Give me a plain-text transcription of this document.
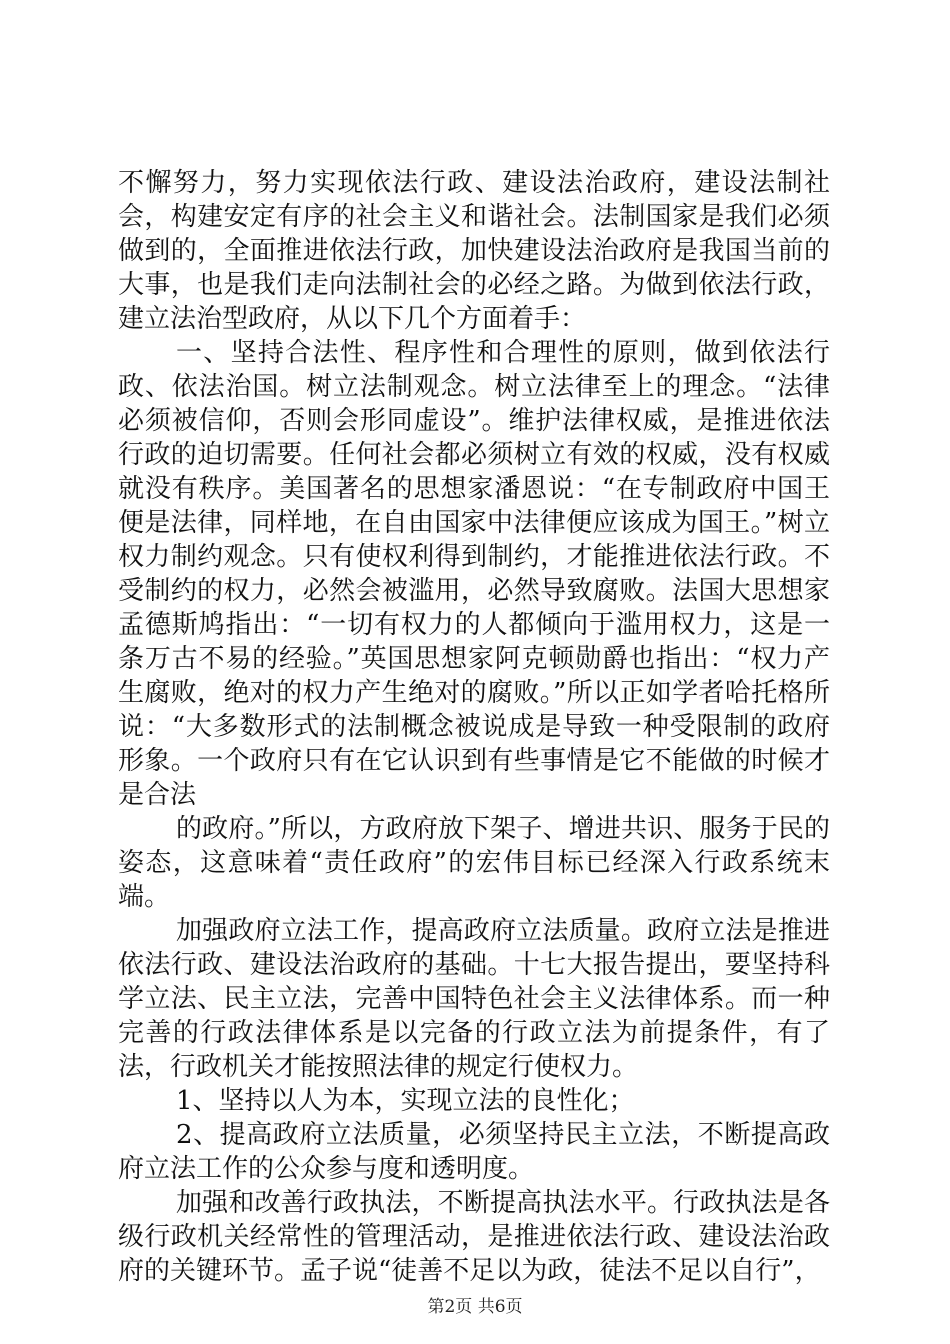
不懈努力，努力实现依法行政、建设法治政府，建设法制社会，构建安定有序的社会主义和谐社会。法制国家是我们必须做到的，全面推进依法行政，加快建设法治政府是我国当前的大事，也是我们走向法制社会的必经之路。为做到依法行政，建立法治型政府，从以下几个方面着手：

一、坚持合法性、程序性和合理性的原则，做到依法行政、依法治国。树立法制观念。树立法律至上的理念。“法律必须被信仰，否则会形同虚设”。维护法律权威，是推进依法行政的迫切需要。任何社会都必须树立有效的权威，没有权威就没有秩序。美国著名的思想家潘恩说：“在专制政府中国王便是法律，同样地，在自由国家中法律便应该成为国王。”树立权力制约观念。只有使权利得到制约，才能推进依法行政。不受制约的权力，必然会被滥用，必然导致腐败。法国大思想家孟德斯鸠指出：“一切有权力的人都倾向于滥用权力，这是一条万古不易的经验。”英国思想家阿克顿勋爵也指出：“权力产生腐败，绝对的权力产生绝对的腐败。”所以正如学者哈托格所说：“大多数形式的法制概念被说成是导致一种受限制的政府形象。一个政府只有在它认识到有些事情是它不能做的时候才是合法

的政府。”所以，方政府放下架子、增进共识、服务于民的姿态，这意味着“责任政府”的宏伟目标已经深入行政系统末端。

加强政府立法工作，提高政府立法质量。政府立法是推进依法行政、建设法治政府的基础。十七大报告提出，要坚持科学立法、民主立法，完善中国特色社会主义法律体系。而一种完善的行政法律体系是以完备的行政立法为前提条件，有了法，行政机关才能按照法律的规定行使权力。

1、坚持以人为本，实现立法的良性化；

2、提高政府立法质量，必须坚持民主立法，不断提高政府立法工作的公众参与度和透明度。

加强和改善行政执法，不断提高执法水平。行政执法是各级行政机关经常性的管理活动，是推进依法行政、建设法治政府的关键环节。孟子说“徒善不足以为政，徒法不足以自行”，

第2页 共6页
